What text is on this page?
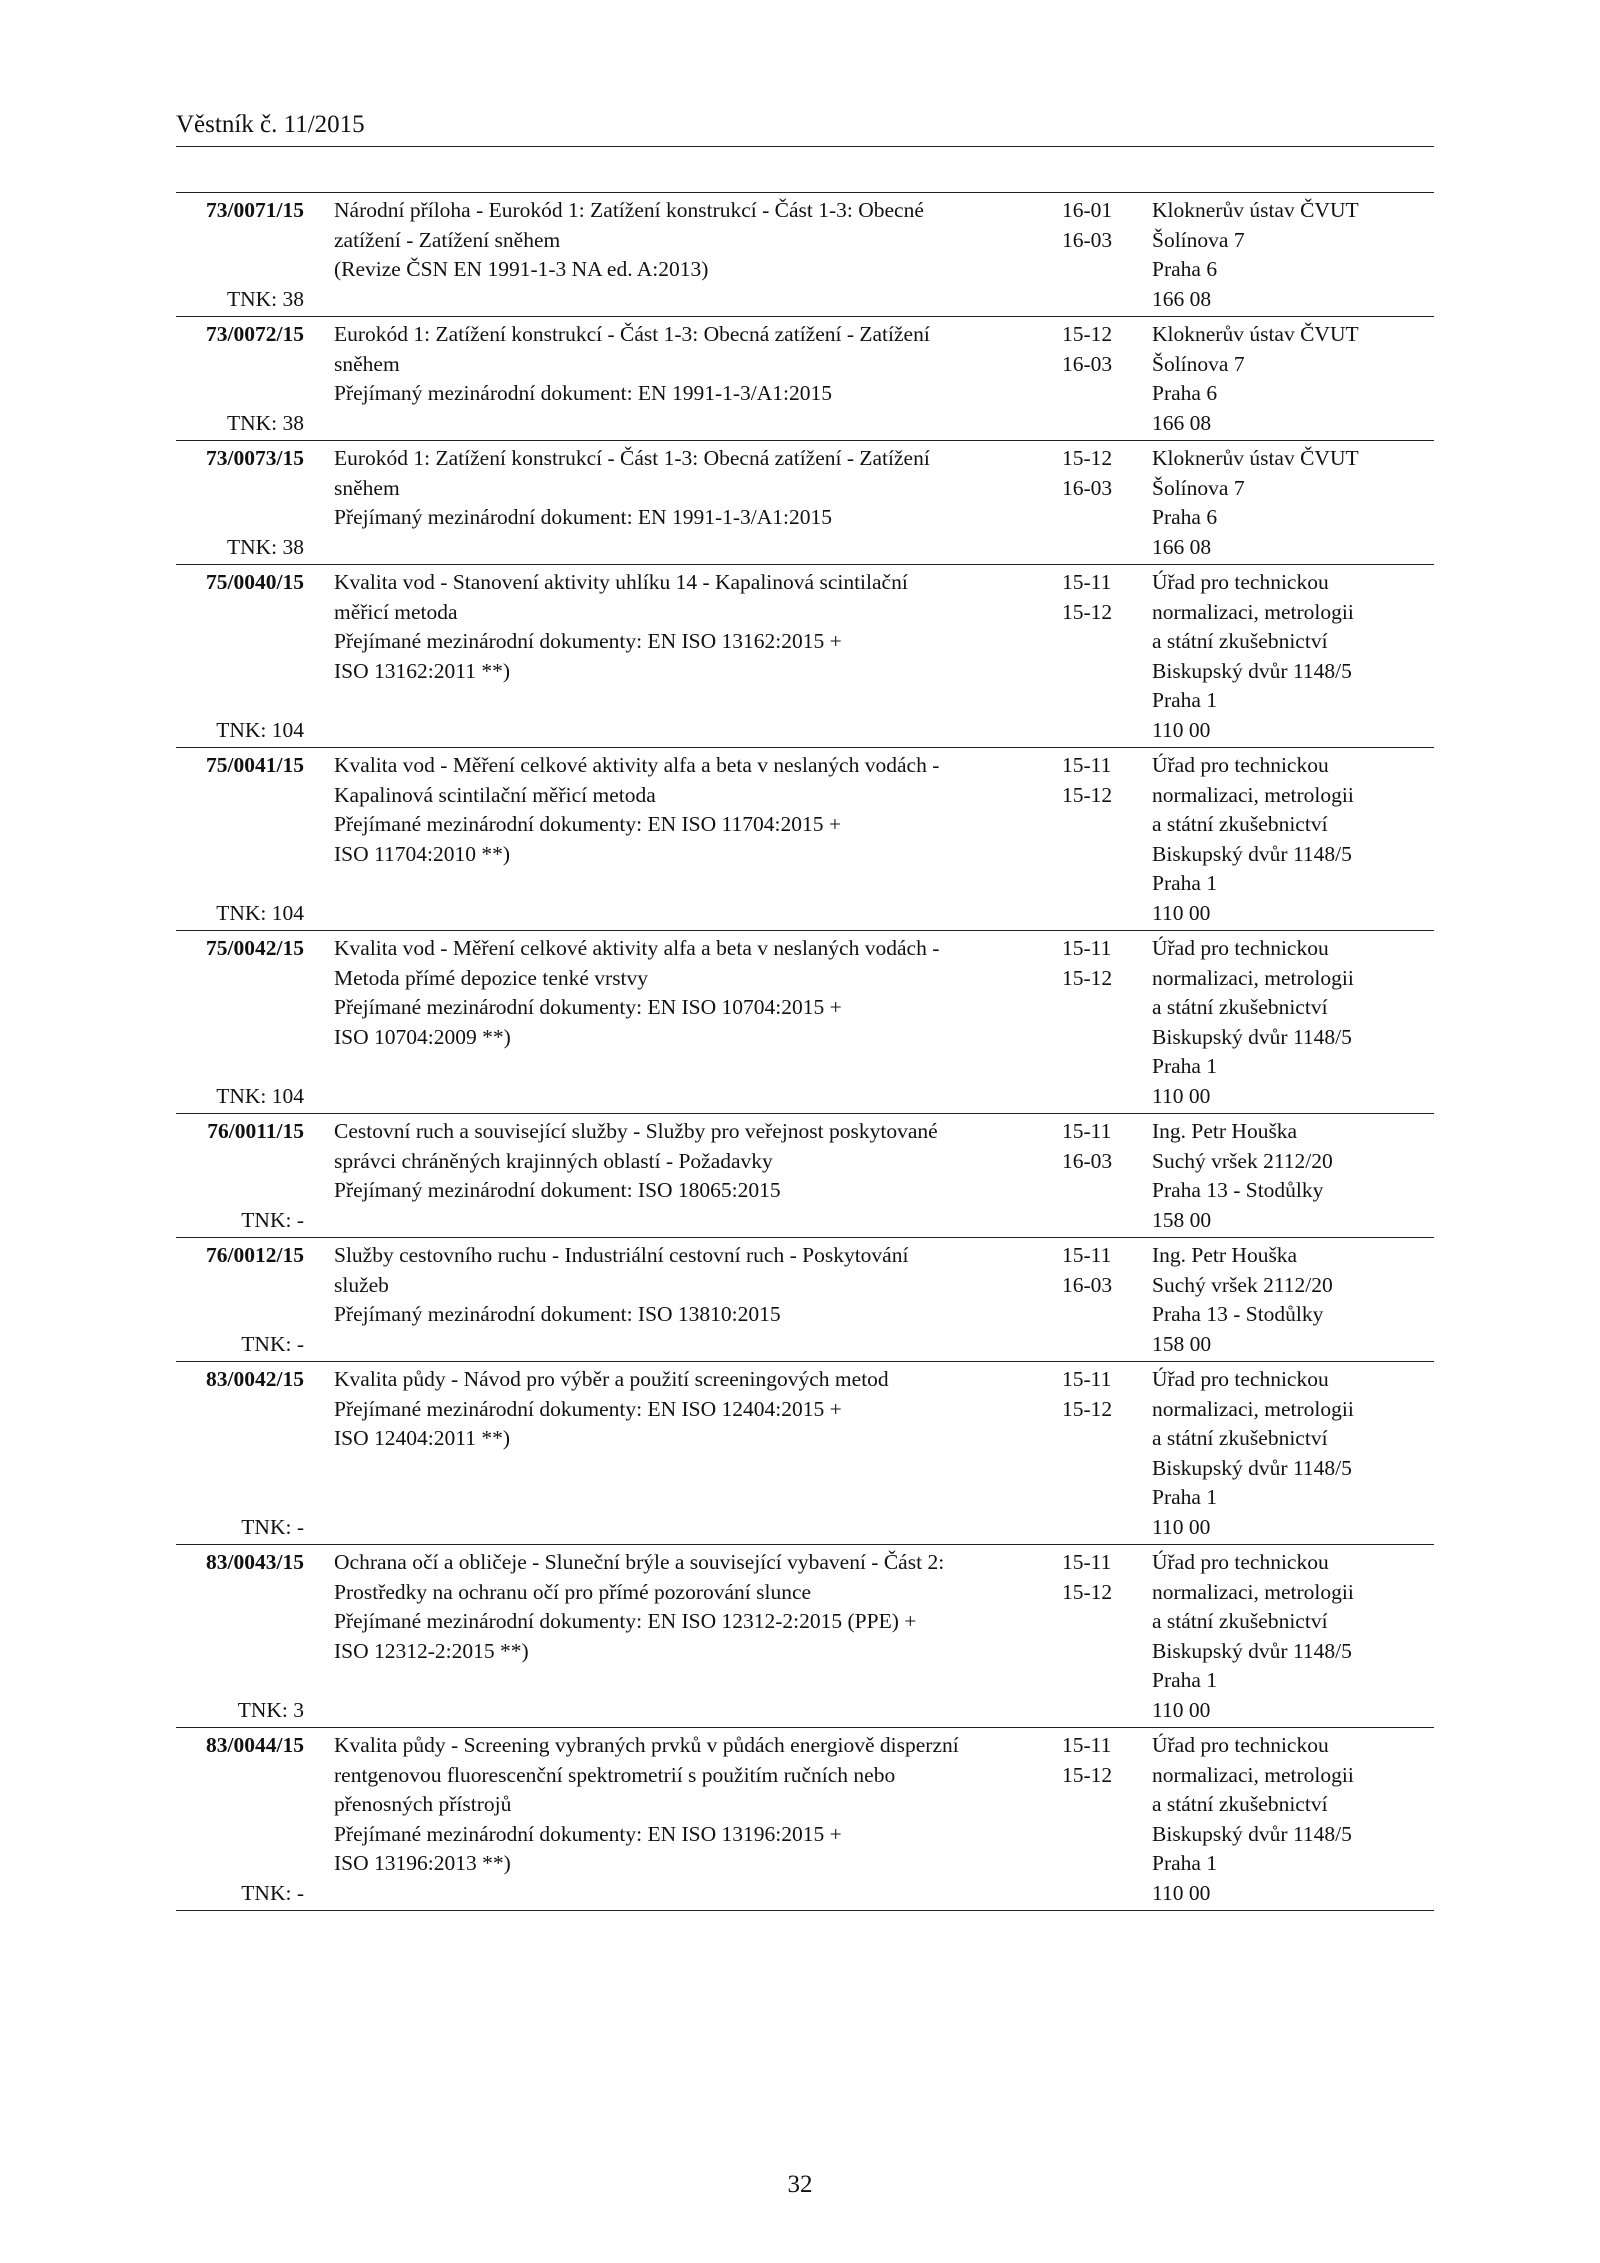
Věstník č. 11/2015
73/0071/15
TNK: 38
Národní příloha - Eurokód 1: Zatížení konstrukcí - Část 1-3: Obecné
zatížení - Zatížení sněhem
(Revize ČSN EN 1991-1-3 NA ed. A:2013)
16-01
16-03
Kloknerův ústav ČVUT
Šolínova 7
Praha 6
166 08
73/0072/15
TNK: 38
Eurokód 1: Zatížení konstrukcí - Část 1-3: Obecná zatížení - Zatížení
sněhem
Přejímaný mezinárodní dokument: EN 1991-1-3/A1:2015
15-12
16-03
Kloknerův ústav ČVUT
Šolínova 7
Praha 6
166 08
73/0073/15
TNK: 38
Eurokód 1: Zatížení konstrukcí - Část 1-3: Obecná zatížení - Zatížení
sněhem
Přejímaný mezinárodní dokument: EN 1991-1-3/A1:2015
15-12
16-03
Kloknerův ústav ČVUT
Šolínova 7
Praha 6
166 08
75/0040/15
TNK: 104
Kvalita vod - Stanovení aktivity uhlíku 14 - Kapalinová scintilační
měřicí metoda
Přejímané mezinárodní dokumenty: EN ISO 13162:2015 +
ISO 13162:2011 **)
15-11
15-12
Úřad pro technickou
normalizaci, metrologii
a státní zkušebnictví
Biskupský dvůr 1148/5
Praha 1
110 00
75/0041/15
TNK: 104
Kvalita vod - Měření celkové aktivity alfa a beta v neslaných vodách -
Kapalinová scintilační měřicí metoda
Přejímané mezinárodní dokumenty: EN ISO 11704:2015 +
ISO 11704:2010 **)
15-11
15-12
Úřad pro technickou
normalizaci, metrologii
a státní zkušebnictví
Biskupský dvůr 1148/5
Praha 1
110 00
75/0042/15
TNK: 104
Kvalita vod - Měření celkové aktivity alfa a beta v neslaných vodách -
Metoda přímé depozice tenké vrstvy
Přejímané mezinárodní dokumenty: EN ISO 10704:2015 +
ISO 10704:2009 **)
15-11
15-12
Úřad pro technickou
normalizaci, metrologii
a státní zkušebnictví
Biskupský dvůr 1148/5
Praha 1
110 00
76/0011/15
TNK: -
Cestovní ruch a související služby - Služby pro veřejnost poskytované
správci chráněných krajinných oblastí - Požadavky
Přejímaný mezinárodní dokument: ISO 18065:2015
15-11
16-03
Ing. Petr Houška
Suchý vršek 2112/20
Praha 13 - Stodůlky
158 00
76/0012/15
TNK: -
Služby cestovního ruchu - Industriální cestovní ruch - Poskytování
služeb
Přejímaný mezinárodní dokument: ISO 13810:2015
15-11
16-03
Ing. Petr Houška
Suchý vršek 2112/20
Praha 13 - Stodůlky
158 00
83/0042/15
TNK: -
Kvalita půdy - Návod pro výběr a použití screeningových metod
Přejímané mezinárodní dokumenty: EN ISO 12404:2015 +
ISO 12404:2011 **)
15-11
15-12
Úřad pro technickou
normalizaci, metrologii
a státní zkušebnictví
Biskupský dvůr 1148/5
Praha 1
110 00
83/0043/15
TNK: 3
Ochrana očí a obličeje - Sluneční brýle a související vybavení - Část 2:
Prostředky na ochranu očí pro přímé pozorování slunce
Přejímané mezinárodní dokumenty: EN ISO 12312-2:2015 (PPE) +
ISO 12312-2:2015 **)
15-11
15-12
Úřad pro technickou
normalizaci, metrologii
a státní zkušebnictví
Biskupský dvůr 1148/5
Praha 1
110 00
83/0044/15
TNK: -
Kvalita půdy - Screening vybraných prvků v půdách energiově disperzní
rentgenovou fluorescenční spektrometrií s použitím ručních nebo
přenosných přístrojů
Přejímané mezinárodní dokumenty: EN ISO 13196:2015 +
ISO 13196:2013 **)
15-11
15-12
Úřad pro technickou
normalizaci, metrologii
a státní zkušebnictví
Biskupský dvůr 1148/5
Praha 1
110 00
32
